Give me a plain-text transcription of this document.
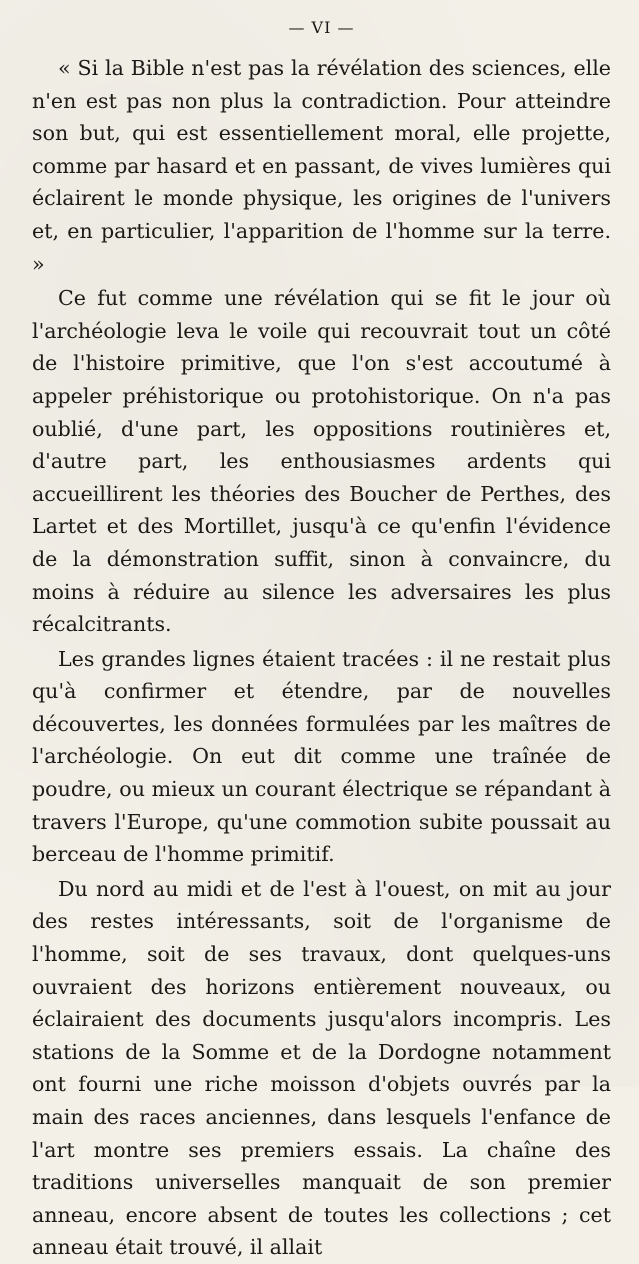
— VI —

« Si la Bible n'est pas la révélation des sciences, elle n'en est pas non plus la contradiction. Pour atteindre son but, qui est essentiellement moral, elle projette, comme par hasard et en passant, de vives lumières qui éclairent le monde physique, les origines de l'univers et, en particulier, l'apparition de l'homme sur la terre. »

Ce fut comme une révélation qui se fit le jour où l'archéologie leva le voile qui recouvrait tout un côté de l'histoire primitive, que l'on s'est accoutumé à appeler préhistorique ou protohistorique. On n'a pas oublié, d'une part, les oppositions routinières et, d'autre part, les enthousiasmes ardents qui accueillirent les théories des Boucher de Perthes, des Lartet et des Mortillet, jusqu'à ce qu'enfin l'évidence de la démonstration suffit, sinon à convaincre, du moins à réduire au silence les adversaires les plus récalcitrants.

Les grandes lignes étaient tracées : il ne restait plus qu'à confirmer et étendre, par de nouvelles découvertes, les données formulées par les maîtres de l'archéologie. On eut dit comme une traînée de poudre, ou mieux un courant électrique se répandant à travers l'Europe, qu'une commotion subite poussait au berceau de l'homme primitif.

Du nord au midi et de l'est à l'ouest, on mit au jour des restes intéressants, soit de l'organisme de l'homme, soit de ses travaux, dont quelques-uns ouvraient des horizons entièrement nouveaux, ou éclairaient des documents jusqu'alors incompris. Les stations de la Somme et de la Dordogne notamment ont fourni une riche moisson d'objets ouvrés par la main des races anciennes, dans lesquels l'enfance de l'art montre ses premiers essais. La chaîne des traditions universelles manquait de son premier anneau, encore absent de toutes les collections ; cet anneau était trouvé, il allait
